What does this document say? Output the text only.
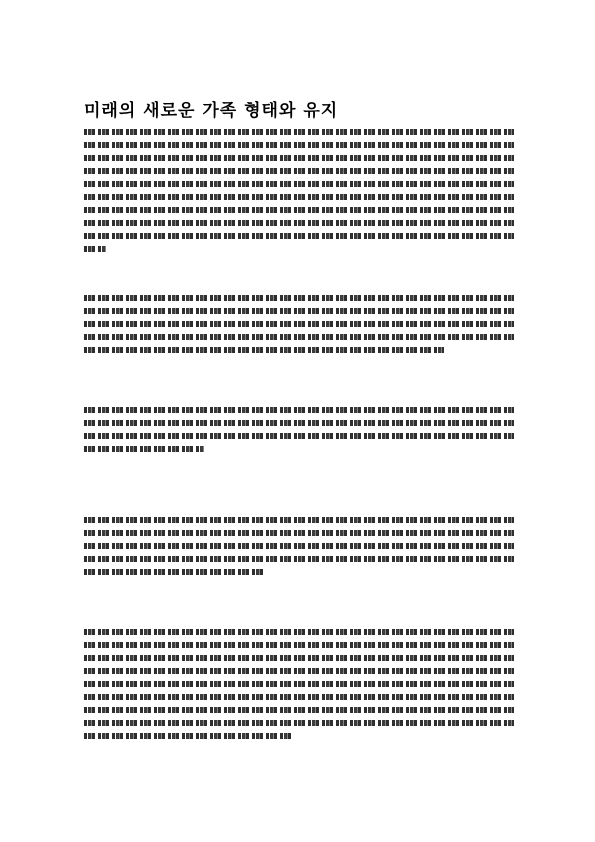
미래의 새로운 가족 형태와 유지
